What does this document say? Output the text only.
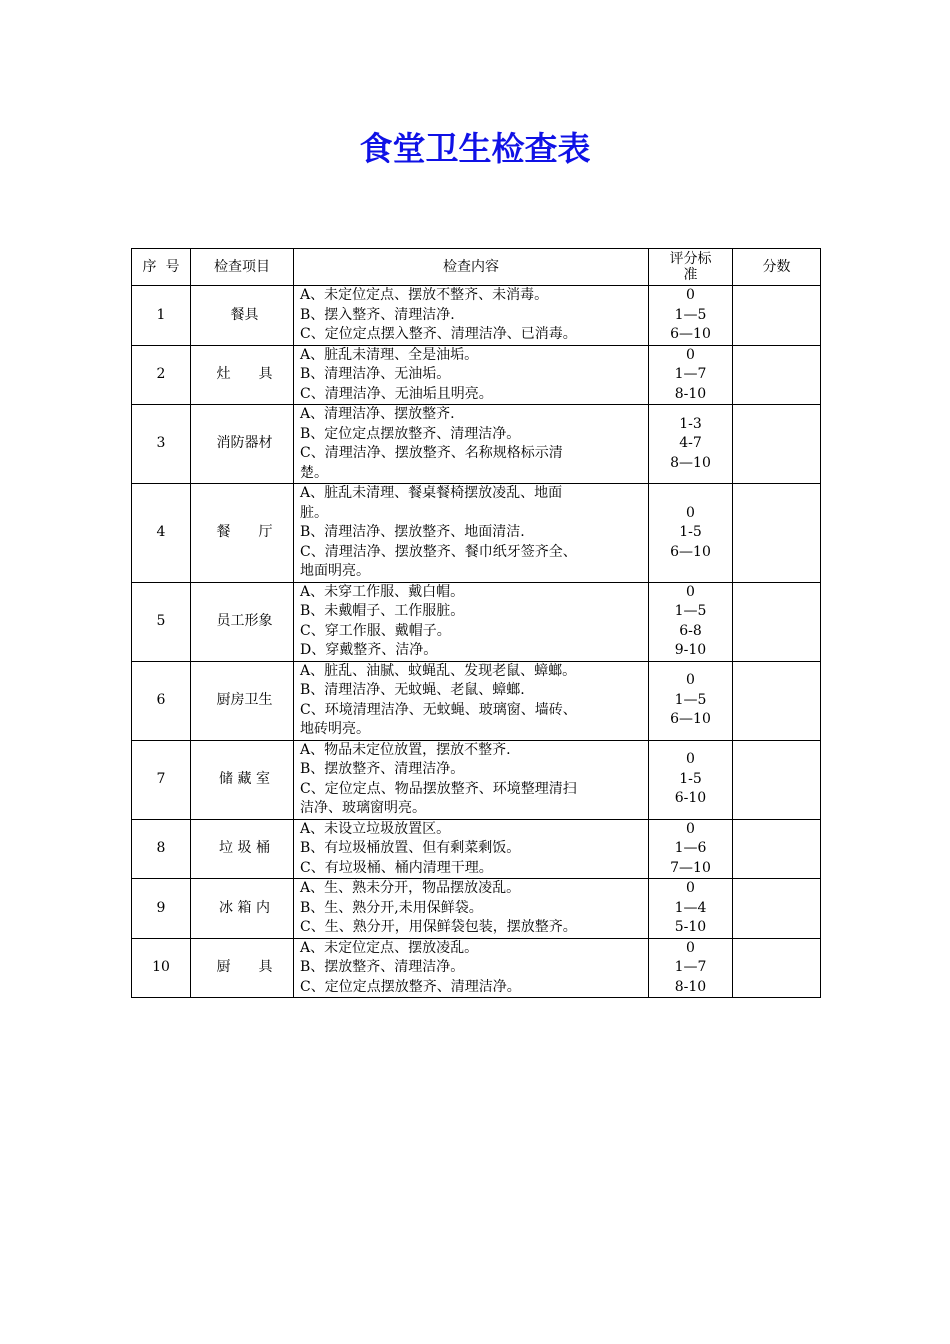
食堂卫生检查表
序  号	检查项目	检查内容	评分标
准	分数
1	餐具	A、未定位定点、摆放不整齐、未消毒。
B、摆入整齐、清理洁净.
C、定位定点摆入整齐、清理洁净、已消毒。	0
1—5
6—10	

2	灶　　具	A、脏乱未清理、全是油垢。
B、清理洁净、无油垢。
C、清理洁净、无油垢且明亮。	0
1—7
8-10	

3	消防器材	A、清理洁净、摆放整齐.
B、定位定点摆放整齐、清理洁净。
C、清理洁净、摆放整齐、名称规格标示清
楚。	1-3
4-7
8—10	

4	餐　　厅	A、脏乱未清理、餐桌餐椅摆放凌乱、地面
脏。
B、清理洁净、摆放整齐、地面清洁.
C、清理洁净、摆放整齐、餐巾纸牙签齐全、
地面明亮。	0
1-5
6—10	

5	员工形象	A、未穿工作服、戴白帽。
B、未戴帽子、工作服脏。
C、穿工作服、戴帽子。
D、穿戴整齐、洁净。	0
1—5
6-8
9-10	

6	厨房卫生	A、脏乱、油腻、蚊蝇乱、发现老鼠、蟑螂。
B、清理洁净、无蚊蝇、老鼠、蟑螂.
C、环境清理洁净、无蚊蝇、玻璃窗、墙砖、
地砖明亮。	0
1—5
6—10	

7	储 藏 室	A、物品未定位放置，摆放不整齐.
B、摆放整齐、清理洁净。
C、定位定点、物品摆放整齐、环境整理清扫
洁净、玻璃窗明亮。	0
1-5
6-10	

8	垃 圾 桶	A、未设立垃圾放置区。
B、有垃圾桶放置、但有剩菜剩饭。
C、有垃圾桶、桶内清理干理。	0
1—6
7—10	

9	冰 箱 内	A、生、熟未分开，物品摆放凌乱。
B、生、熟分开,未用保鲜袋。
C、生、熟分开，用保鲜袋包装，摆放整齐。	0
1—4
5-10	

10	厨　　具	A、未定位定点、摆放凌乱。
B、摆放整齐、清理洁净。
C、定位定点摆放整齐、清理洁净。	0
1—7
8-10	
